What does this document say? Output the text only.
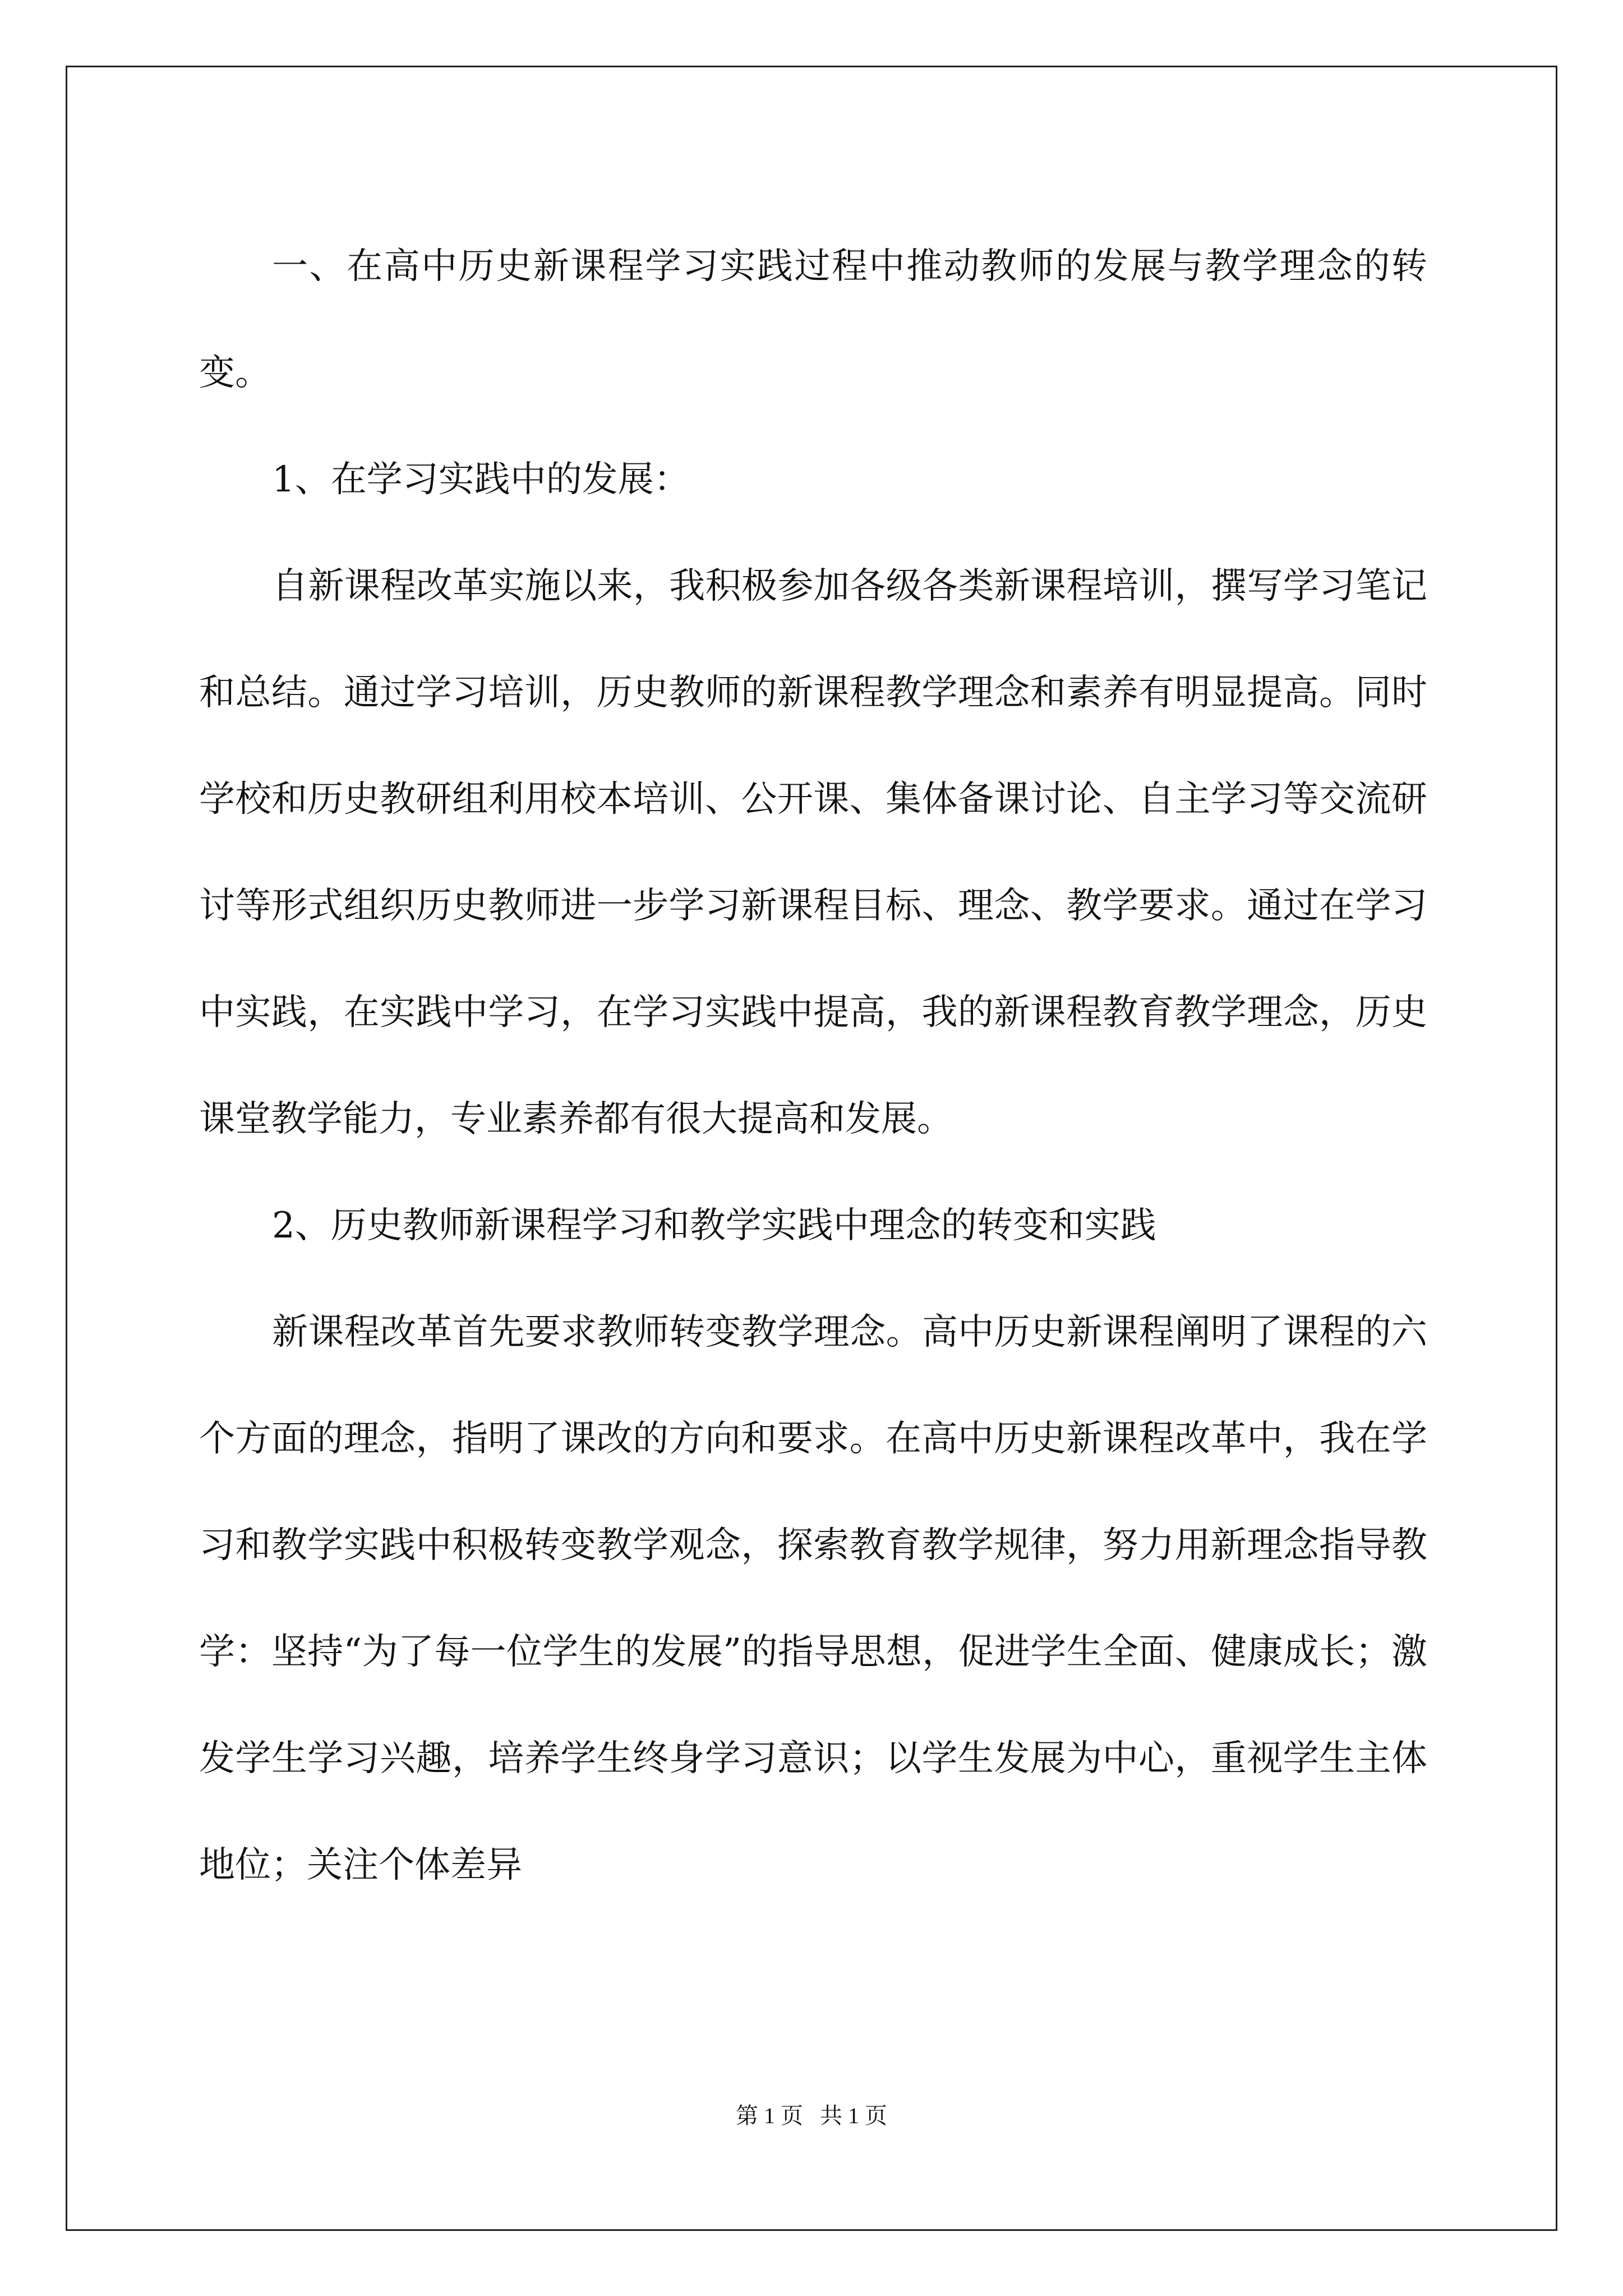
一、在高中历史新课程学习实践过程中推动教师的发展与教学理念的转变。

1、在学习实践中的发展：

自新课程改革实施以来，我积极参加各级各类新课程培训，撰写学习笔记和总结。通过学习培训，历史教师的新课程教学理念和素养有明显提高。同时学校和历史教研组利用校本培训、公开课、集体备课讨论、自主学习等交流研讨等形式组织历史教师进一步学习新课程目标、理念、教学要求。通过在学习中实践，在实践中学习，在学习实践中提高，我的新课程教育教学理念，历史课堂教学能力，专业素养都有很大提高和发展。

2、历史教师新课程学习和教学实践中理念的转变和实践

新课程改革首先要求教师转变教学理念。高中历史新课程阐明了课程的六个方面的理念，指明了课改的方向和要求。在高中历史新课程改革中，我在学习和教学实践中积极转变教学观念，探索教育教学规律，努力用新理念指导教学：坚持“为了每一位学生的发展”的指导思想，促进学生全面、健康成长；激发学生学习兴趣，培养学生终身学习意识；以学生发展为中心，重视学生主体地位；关注个体差异

第 1 页   共 1 页
